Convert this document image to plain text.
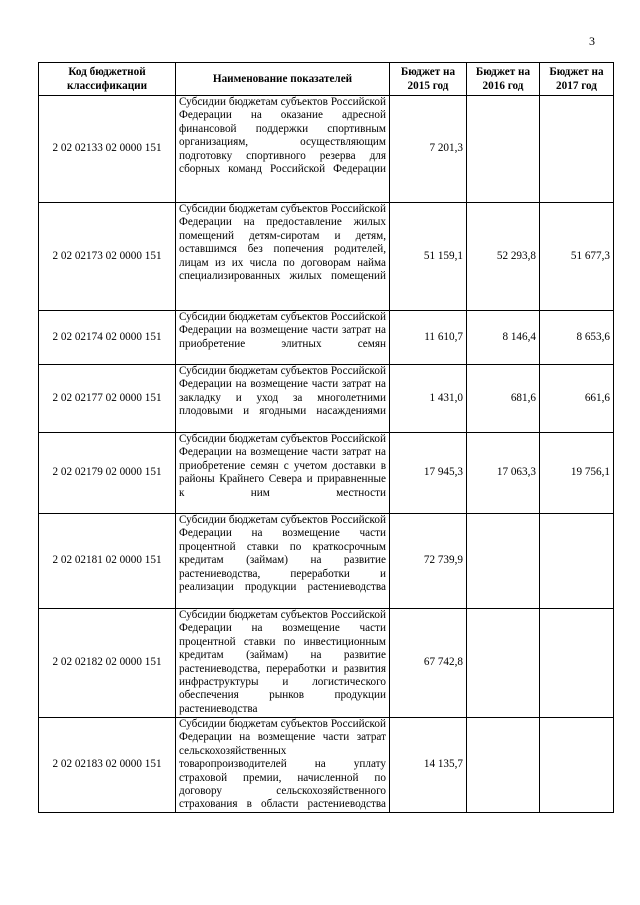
3
Код бюджетной классификации	Наименование показателей	Бюджет на 2015 год	Бюджет на 2016 год	Бюджет на 2017 год
2 02 02133 02 0000 151	Субсидии бюджетам субъектов Российской Федерации на оказание адресной финансовой поддержки спортивным организациям, осуществляющим подготовку спортивного резерва для сборных команд Российской Федерации	7 201,3		
2 02 02173 02 0000 151	Субсидии бюджетам субъектов Российской Федерации на предоставление жилых помещений детям-сиротам и детям, оставшимся без попечения родителей, лицам из их числа по договорам найма специализированных жилых помещений	51 159,1	52 293,8	51 677,3
2 02 02174 02 0000 151	Субсидии бюджетам субъектов Российской Федерации на возмещение части затрат на приобретение элитных семян	11 610,7	8 146,4	8 653,6
2 02 02177 02 0000 151	Субсидии бюджетам субъектов Российской Федерации на возмещение части затрат на закладку и уход за многолетними плодовыми и ягодными насаждениями	1 431,0	681,6	661,6
2 02 02179 02 0000 151	Субсидии бюджетам субъектов Российской Федерации на возмещение части затрат на приобретение семян с учетом доставки в районы Крайнего Севера и приравненные к ним местности	17 945,3	17 063,3	19 756,1
2 02 02181 02 0000 151	Субсидии бюджетам субъектов Российской Федерации на возмещение части процентной ставки по краткосрочным кредитам (займам) на развитие растениеводства, переработки и реализации продукции растениеводства	72 739,9		
2 02 02182 02 0000 151	Субсидии бюджетам субъектов Российской Федерации на возмещение части процентной ставки по инвестиционным кредитам (займам) на развитие растениеводства, переработки и развития инфраструктуры и логистического обеспечения рынков продукции растениеводства	67 742,8		
2 02 02183 02 0000 151	Субсидии бюджетам субъектов Российской Федерации на возмещение части затрат сельскохозяйственных товаропроизводителей на уплату страховой премии, начисленной по договору сельскохозяйственного страхования в области растениеводства	14 135,7		
